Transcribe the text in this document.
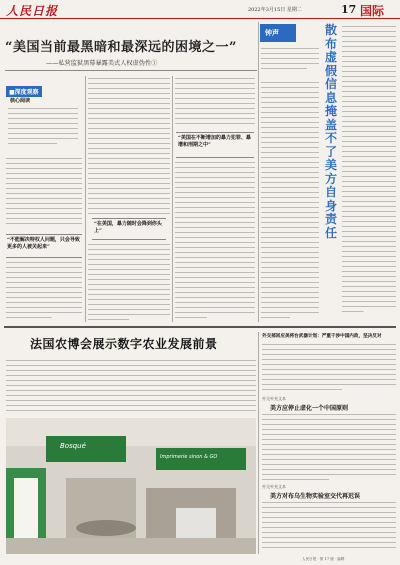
人民日报	2022年3月15日 星期二	17 国际
“美国当前最黑暗和最深远的困境之一”
——私营监狱黑幕暴露美式人权虚伪性①
■深度观察
核心阅读
“不能解决特权人问题，只会导致更多的人被关起来”
“在美国，暴力随时会降到你头上”
“美国在不断增加的暴力犯罪、暴增和刑期之中”
钟声	散布虚假信息掩盖不了美方自身责任
法国农博会展示数字农业发展前景
Bosqué
Imprimerie sinon & GO
外交部回应美将台武器计划：严重干涉中国内政，坚决反对
外交补充文本
美方应停止虚化一个中国原则
外交补充文本
美方对布乌生物实验室交代再迟误
人民日报 · 第 17 版 · 编辑
